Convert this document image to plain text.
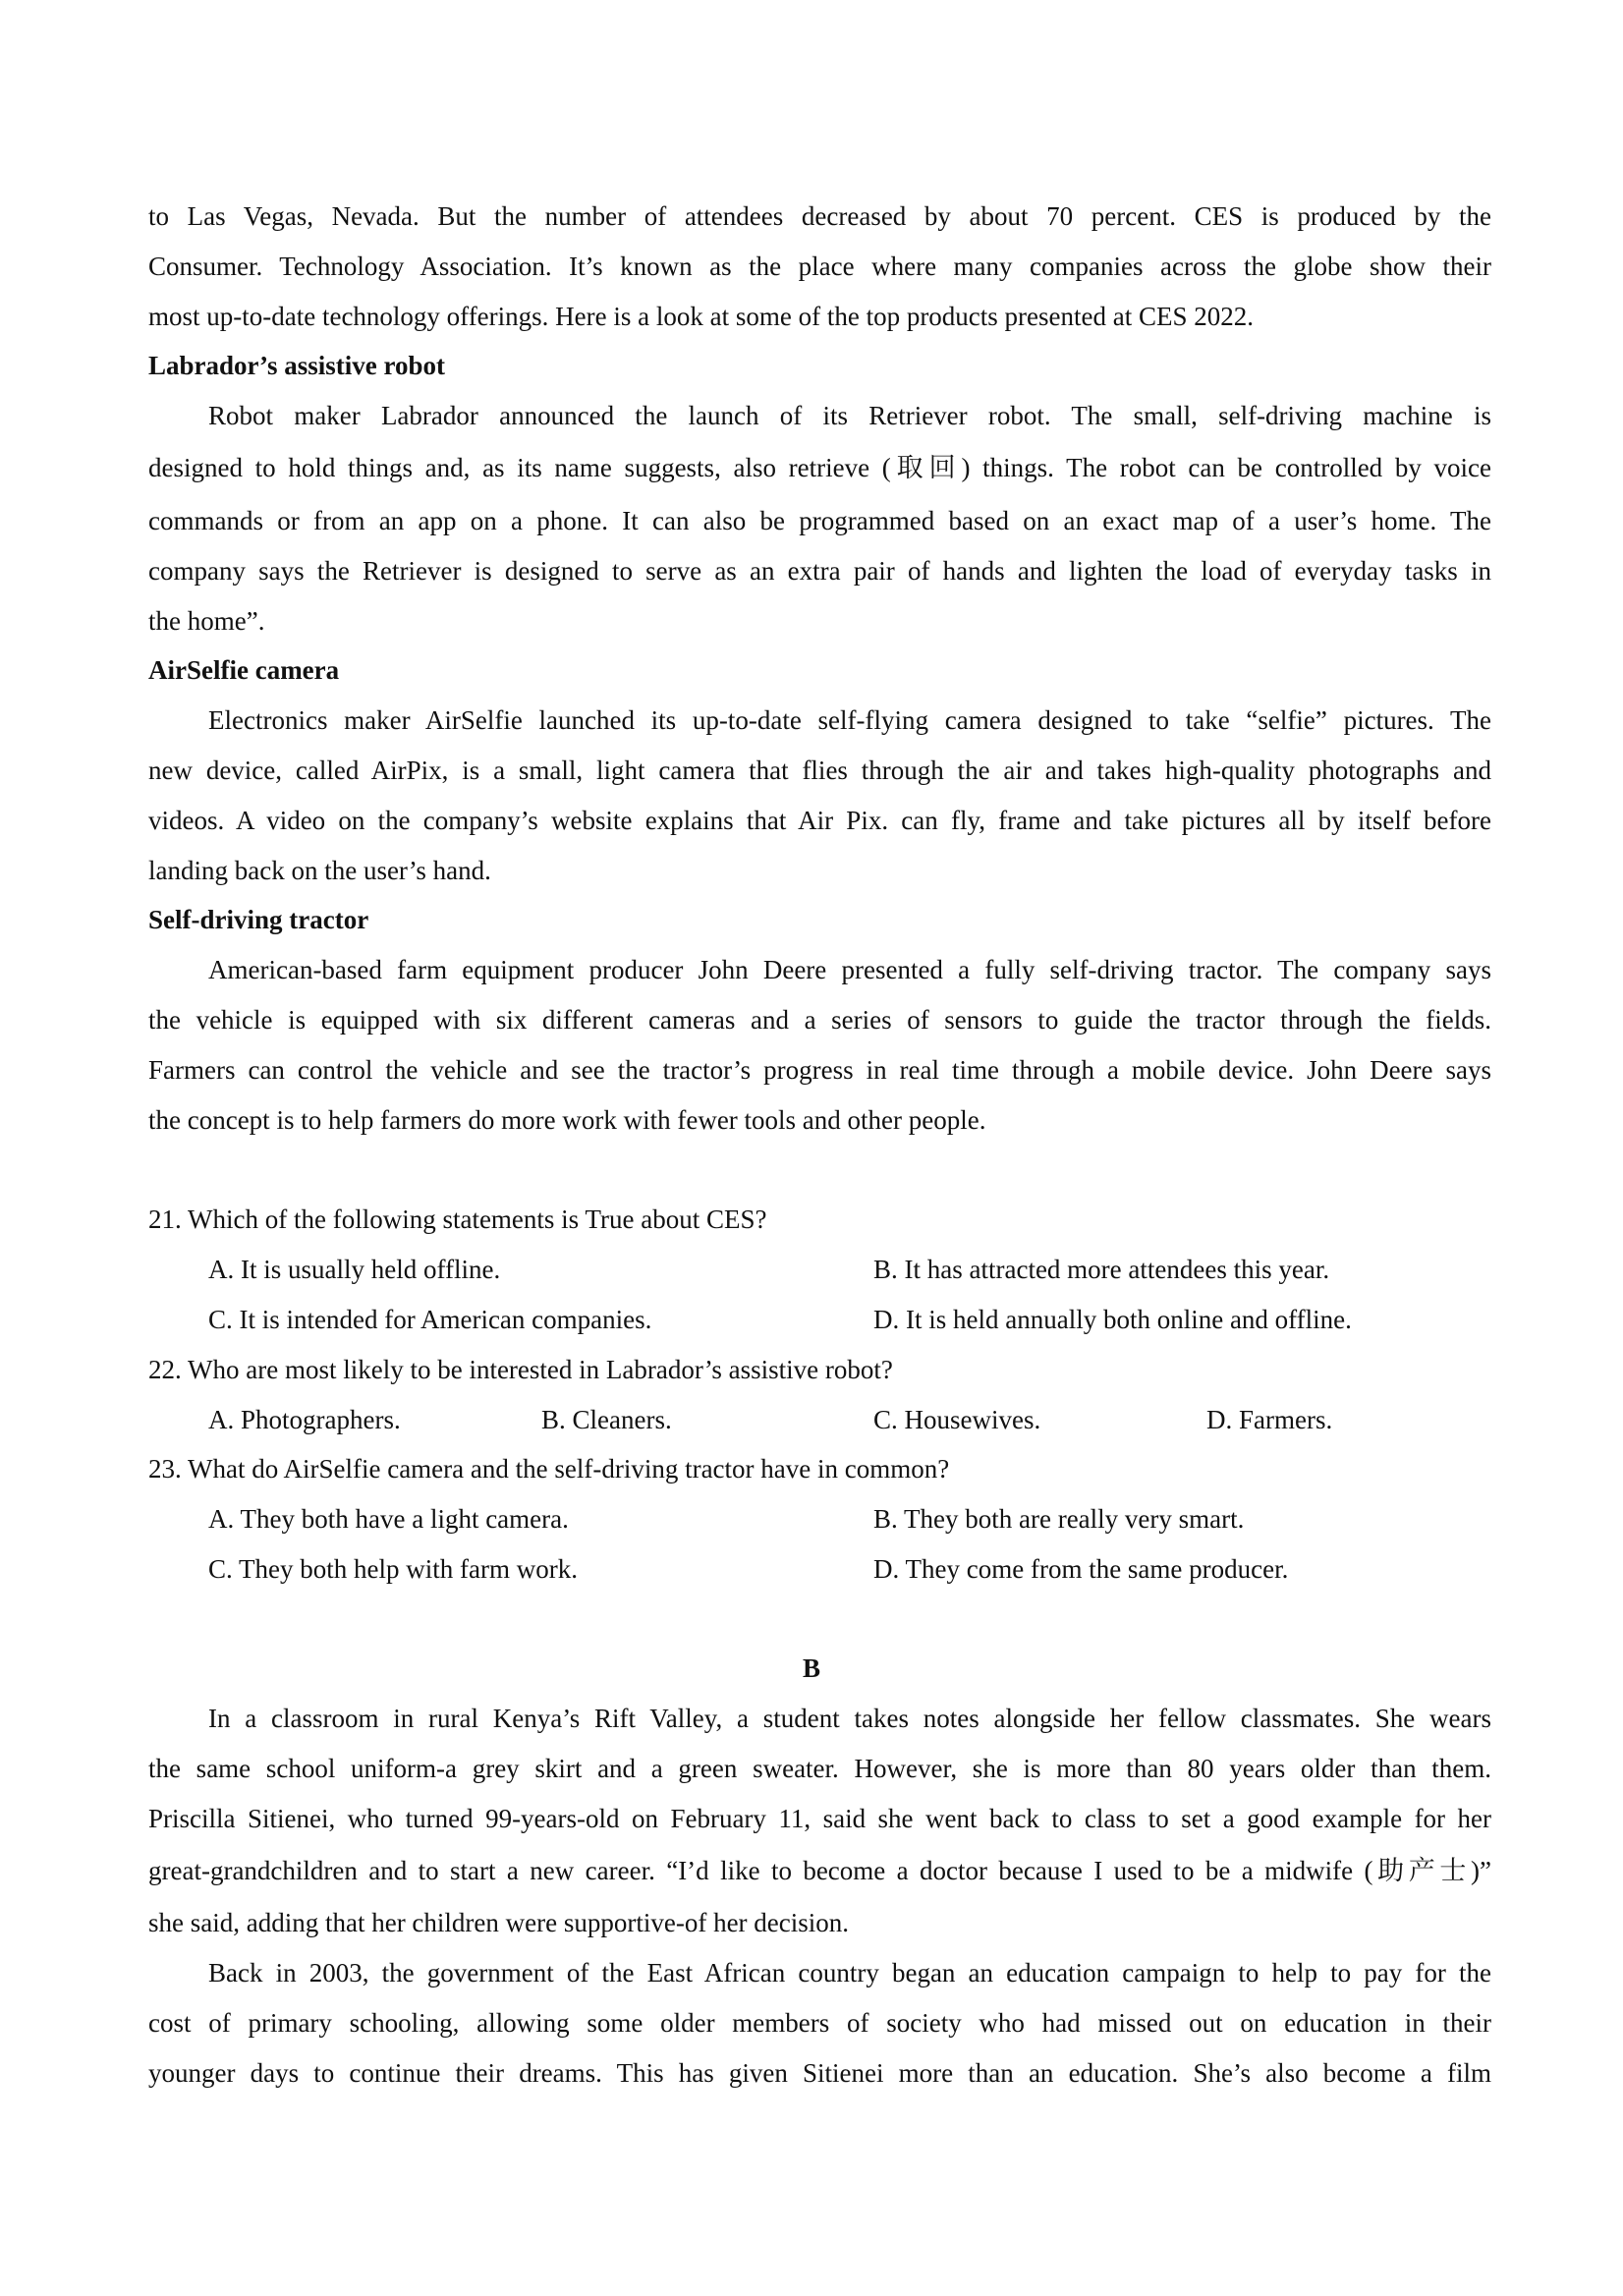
to Las Vegas, Nevada. But the number of attendees decreased by about 70 percent. CES is produced by the
Consumer. Technology Association. It’s known as the place where many companies across the globe show their
most up-to-date technology offerings. Here is a look at some of the top products presented at CES 2022.
Labrador’s assistive robot
Robot maker Labrador announced the launch of its Retriever robot. The small, self-driving machine is
designed to hold things and, as its name suggests, also retrieve (取回) things. The robot can be controlled by voice
commands or from an app on a phone. It can also be programmed based on an exact map of a user’s home. The
company says the Retriever is designed to serve as an extra pair of hands and lighten the load of everyday tasks in
the home”.
AirSelfie camera
Electronics maker AirSelfie launched its up-to-date self-flying camera designed to take “selfie” pictures. The
new device, called AirPix, is a small, light camera that flies through the air and takes high-quality photographs and
videos. A video on the company’s website explains that Air Pix. can fly, frame and take pictures all by itself before
landing back on the user’s hand.
Self-driving tractor
American-based farm equipment producer John Deere presented a fully self-driving tractor. The company says
the vehicle is equipped with six different cameras and a series of sensors to guide the tractor through the fields.
Farmers can control the vehicle and see the tractor’s progress in real time through a mobile device. John Deere says
the concept is to help farmers do more work with fewer tools and other people.
21. Which of the following statements is True about CES?
A. It is usually held offline.	B. It has attracted more attendees this year.
C. It is intended for American companies.	D. It is held annually both online and offline.
22. Who are most likely to be interested in Labrador’s assistive robot?
A. Photographers.	B. Cleaners.	C. Housewives.	D. Farmers.
23. What do AirSelfie camera and the self-driving tractor have in common?
A. They both have a light camera.	B. They both are really very smart.
C. They both help with farm work.	D. They come from the same producer.
B
In a classroom in rural Kenya’s Rift Valley, a student takes notes alongside her fellow classmates. She wears
the same school uniform-a grey skirt and a green sweater. However, she is more than 80 years older than them.
Priscilla Sitienei, who turned 99-years-old on February 11, said she went back to class to set a good example for her
great-grandchildren and to start a new career. “I’d like to become a doctor because I used to be a midwife (助产士)”
she said, adding that her children were supportive-of her decision.
Back in 2003, the government of the East African country began an education campaign to help to pay for the
cost of primary schooling, allowing some older members of society who had missed out on education in their
younger days to continue their dreams. This has given Sitienei more than an education. She’s also become a film
